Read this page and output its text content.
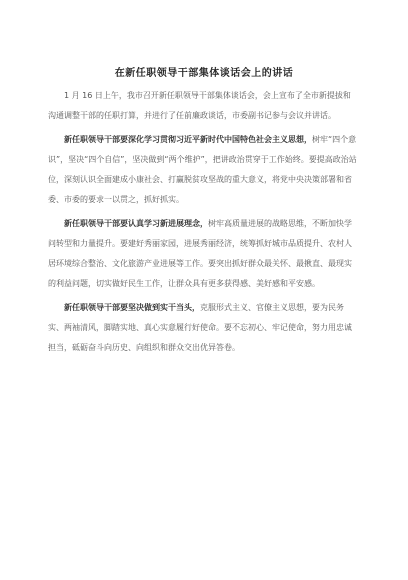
在新任职领导干部集体谈话会上的讲话

1 月 16 日上午，我市召开新任职领导干部集体谈话会，会上宣布了全市新提拔和沟通调整干部的任职打算，并进行了任前廉政谈话，市委副书记参与会议并讲话。

新任职领导干部要深化学习贯彻习近平新时代中国特色社会主义思想，树牢“四个意识”，坚决“四个自信”，坚决做到“两个维护”，把讲政治贯穿于工作始终。要提高政治站位，深刻认识全面建成小康社会、打赢脱贫攻坚战的重大意义，将党中央决策部署和省委、市委的要求一以贯之，抓好抓实。

新任职领导干部要认真学习新进展理念，树牢高质量进展的战略思维，不断加快学问转型和力量提升。要建好秀丽家园，进展秀丽经济，统筹抓好城市品质提升、农村人居环境综合整治、文化旅游产业进展等工作。要突出抓好群众最关怀、最揪直、最现实的利益问题，切实做好民生工作，让群众具有更多获得感、美好感和平安感。

新任职领导干部要坚决做到实干当头，克服形式主义、官僚主义思想，要为民务实、两袖清风，脚踏实地、真心实意履行好使命。要不忘初心、牢记使命，努力用忠诚担当，砥砺奋斗向历史、向组织和群众交出优异答卷。
